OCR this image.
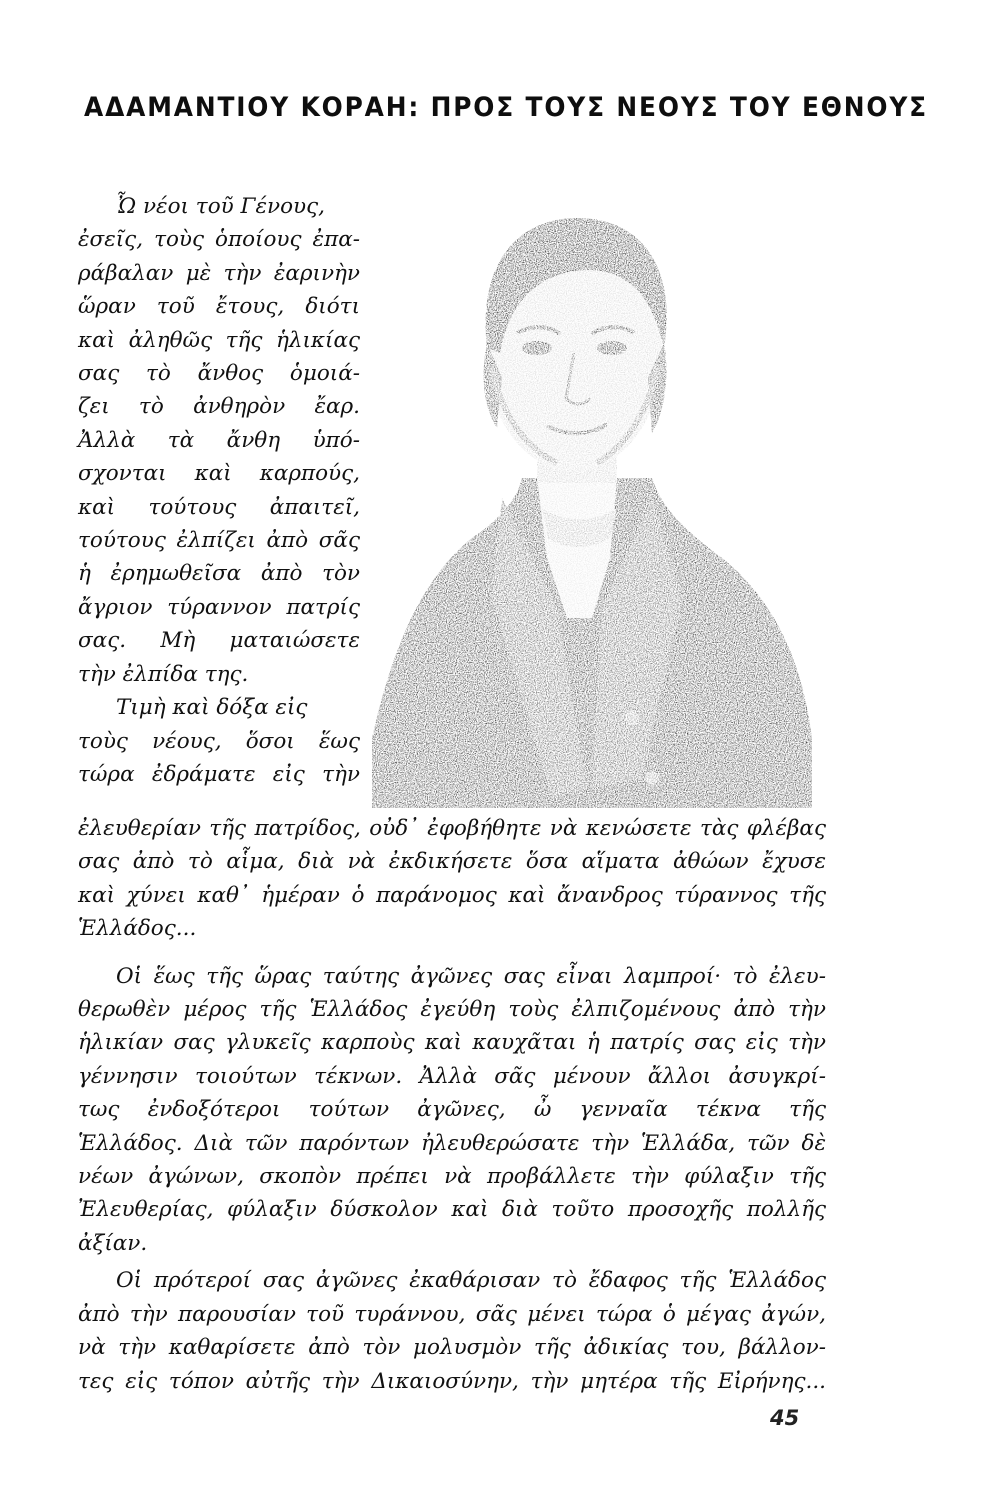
ΑΔΑΜΑΝΤΙΟΥ ΚΟΡΑΗ: ΠΡΟΣ ΤΟΥΣ ΝΕΟΥΣ ΤΟΥ ΕΘΝΟΥΣ
Ὦ νέοι τοῦ Γένους,
ἐσεῖς, τοὺς ὁποίους ἐπα-
ράβαλαν μὲ τὴν ἐαρινὴν
ὥραν τοῦ ἔτους, διότι
καὶ ἀληθῶς τῆς ἡλικίας
σας τὸ ἄνθος ὁμοιά-
ζει τὸ ἀνθηρὸν ἔαρ.
Ἀλλὰ τὰ ἄνθη ὑπό-
σχονται καὶ καρπούς,
καὶ τούτους ἀπαιτεῖ,
τούτους ἐλπίζει ἀπὸ σᾶς
ἡ ἐρημωθεῖσα ἀπὸ τὸν
ἄγριον τύραννον πατρίς
σας. Μὴ ματαιώσετε
τὴν ἐλπίδα της.
Τιμὴ καὶ δόξα εἰς
τοὺς νέους, ὅσοι ἕως
τώρα ἐδράματε εἰς τὴν
ἐλευθερίαν τῆς πατρίδος, οὐδ᾽ ἐφοβήθητε νὰ κενώσετε τὰς φλέβας
σας ἀπὸ τὸ αἷμα, διὰ νὰ ἐκδικήσετε ὅσα αἵματα ἀθώων ἔχυσε
καὶ χύνει καθ᾽ ἡμέραν ὁ παράνομος καὶ ἄνανδρος τύραννος τῆς
Ἑλλάδος...
Οἱ ἕως τῆς ὥρας ταύτης ἀγῶνες σας εἶναι λαμπροί· τὸ ἐλευ-
θερωθὲν μέρος τῆς Ἑλλάδος ἐγεύθη τοὺς ἐλπιζομένους ἀπὸ τὴν
ἡλικίαν σας γλυκεῖς καρποὺς καὶ καυχᾶται ἡ πατρίς σας εἰς τὴν
γέννησιν τοιούτων τέκνων. Ἀλλὰ σᾶς μένουν ἄλλοι ἀσυγκρί-
τως ἐνδοξότεροι τούτων ἀγῶνες, ὦ γενναῖα τέκνα τῆς
Ἑλλάδος. Διὰ τῶν παρόντων ἠλευθερώσατε τὴν Ἑλλάδα, τῶν δὲ
νέων ἀγώνων, σκοπὸν πρέπει νὰ προβάλλετε τὴν φύλαξιν τῆς
Ἐλευθερίας, φύλαξιν δύσκολον καὶ διὰ τοῦτο προσοχῆς πολλῆς
ἀξίαν.
Οἱ πρότεροί σας ἀγῶνες ἐκαθάρισαν τὸ ἔδαφος τῆς Ἑλλάδος
ἀπὸ τὴν παρουσίαν τοῦ τυράννου, σᾶς μένει τώρα ὁ μέγας ἀγών,
νὰ τὴν καθαρίσετε ἀπὸ τὸν μολυσμὸν τῆς ἀδικίας του, βάλλον-
τες εἰς τόπον αὐτῆς τὴν Δικαιοσύνην, τὴν μητέρα τῆς Εἰρήνης...
45
